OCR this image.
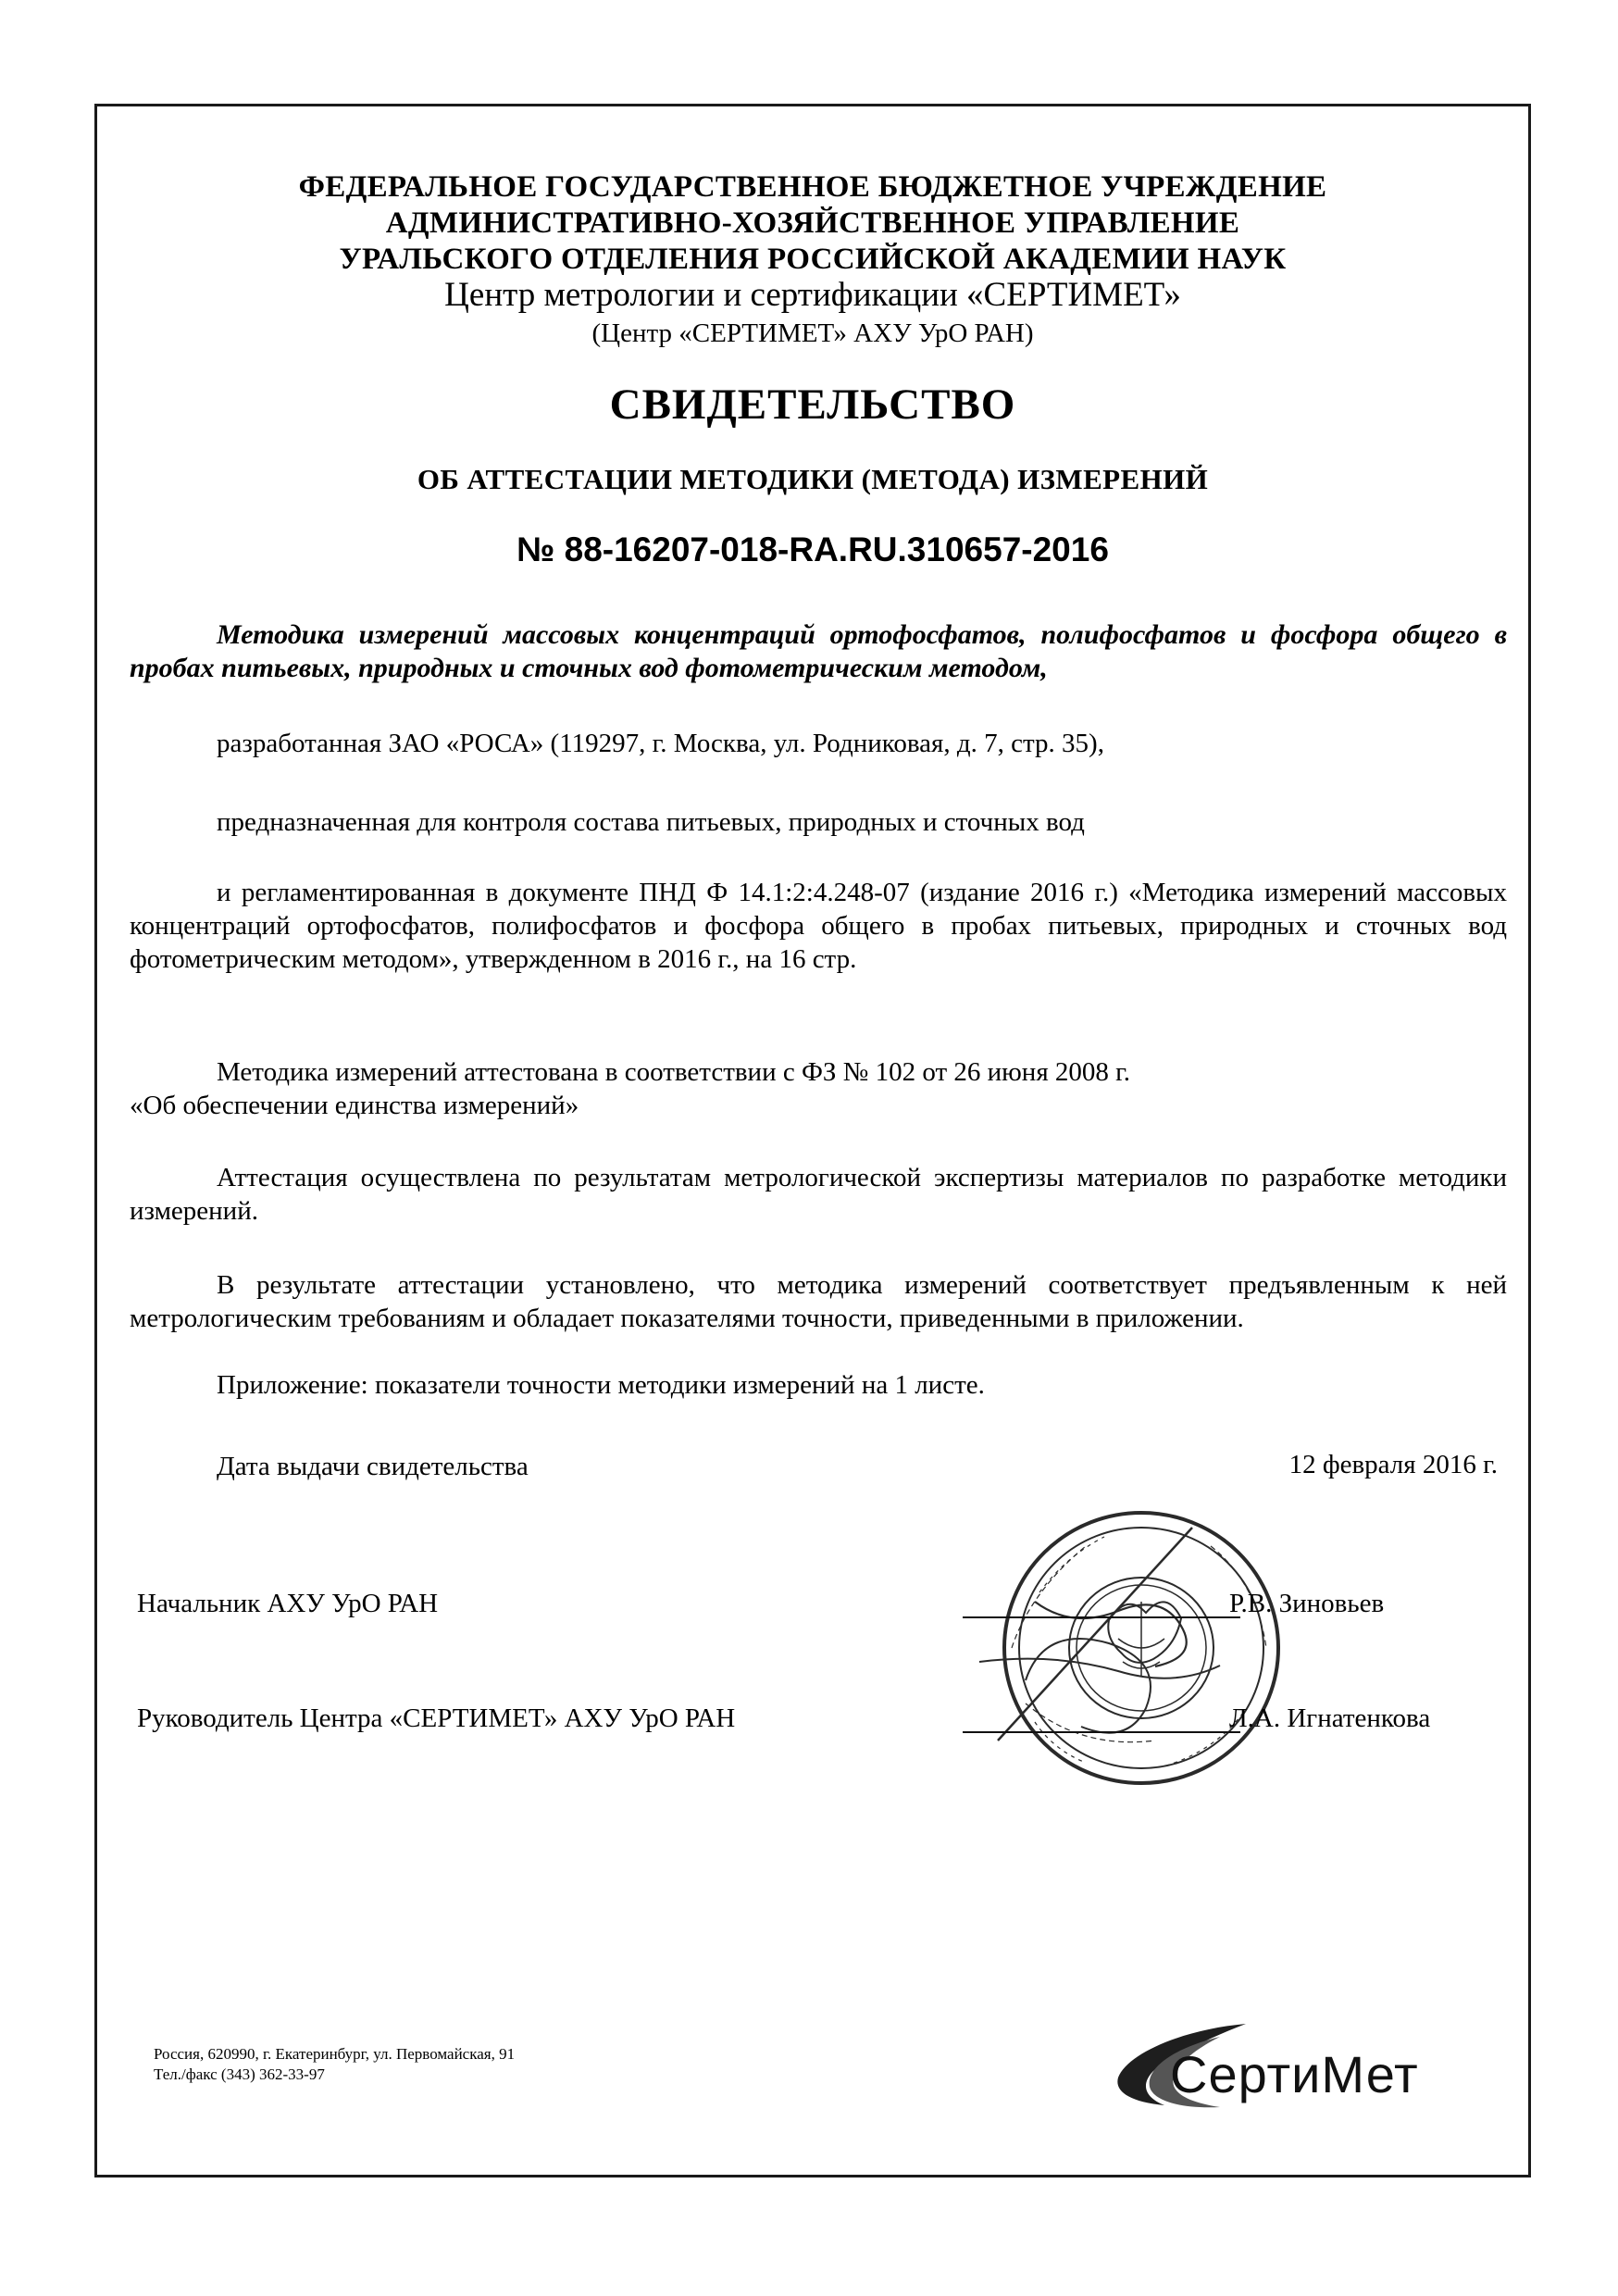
ФЕДЕРАЛЬНОЕ ГОСУДАРСТВЕННОЕ БЮДЖЕТНОЕ УЧРЕЖДЕНИЕ
АДМИНИСТРАТИВНО-ХОЗЯЙСТВЕННОЕ УПРАВЛЕНИЕ
УРАЛЬСКОГО ОТДЕЛЕНИЯ РОССИЙСКОЙ АКАДЕМИИ НАУК
Центр метрологии и сертификации «СЕРТИМЕТ»
(Центр «СЕРТИМЕТ» АХУ УрО РАН)
СВИДЕТЕЛЬСТВО
ОБ АТТЕСТАЦИИ МЕТОДИКИ (МЕТОДА) ИЗМЕРЕНИЙ
№ 88-16207-018-RA.RU.310657-2016
Методика измерений массовых концентраций ортофосфатов, полифосфатов и фосфора общего в пробах питьевых, природных и сточных вод фотометрическим методом,
разработанная ЗАО «РОСА» (119297, г. Москва, ул. Родниковая, д. 7, стр. 35),
предназначенная для контроля состава питьевых, природных и сточных вод
и регламентированная в документе ПНД Ф 14.1:2:4.248-07 (издание 2016 г.) «Методика измерений массовых концентраций ортофосфатов, полифосфатов и фосфора общего в пробах питьевых, природных и сточных вод фотометрическим методом», утвержденном в 2016 г., на 16 стр.
Методика измерений аттестована в соответствии с ФЗ № 102 от 26 июня 2008 г.
«Об обеспечении единства измерений»
Аттестация осуществлена по результатам метрологической экспертизы материалов по разработке методики измерений.
В результате аттестации установлено, что методика измерений соответствует предъявленным к ней метрологическим требованиям и обладает показателями точности, приведенными в приложении.
Приложение: показатели точности методики измерений на 1 листе.
Дата выдачи свидетельства	12 февраля 2016 г.
Начальник АХУ УрО РАН	Р.В. Зиновьев
Руководитель Центра «СЕРТИМЕТ» АХУ УрО РАН	Л.А. Игнатенкова
Россия, 620990, г. Екатеринбург, ул. Первомайская, 91
Тел./факс (343) 362-33-97	СертиМет
